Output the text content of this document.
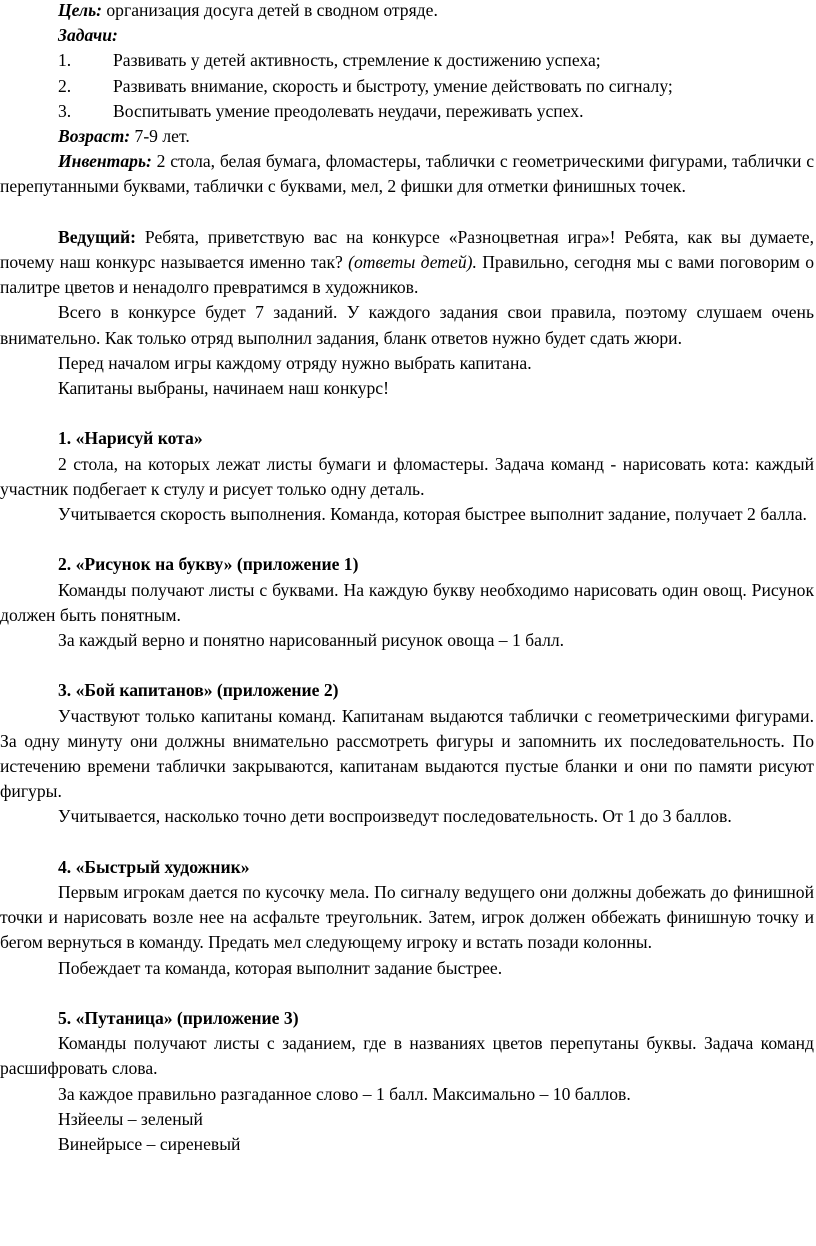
Цель: организация досуга детей в сводном отряде.

Задачи:

1. Развивать у детей активность, стремление к достижению успеха;

2. Развивать внимание, скорость и быстроту, умение действовать по сигналу;

3. Воспитывать умение преодолевать неудачи, переживать успех.

Возраст: 7-9 лет.

Инвентарь: 2 стола, белая бумага, фломастеры, таблички с геометрическими фигурами, таблички с перепутанными буквами, таблички с буквами, мел, 2 фишки для отметки финишных точек.

Ведущий: Ребята, приветствую вас на конкурсе «Разноцветная игра»! Ребята, как вы думаете, почему наш конкурс называется именно так? (ответы детей). Правильно, сегодня мы с вами поговорим о палитре цветов и ненадолго превратимся в художников.

Всего в конкурсе будет 7 заданий. У каждого задания свои правила, поэтому слушаем очень внимательно. Как только отряд выполнил задания, бланк ответов нужно будет сдать жюри.

Перед началом игры каждому отряду нужно выбрать капитана.

Капитаны выбраны, начинаем наш конкурс!

1. «Нарисуй кота»

2 стола, на которых лежат листы бумаги и фломастеры. Задача команд - нарисовать кота: каждый участник подбегает к стулу и рисует только одну деталь.

Учитывается скорость выполнения. Команда, которая быстрее выполнит задание, получает 2 балла.

2. «Рисунок на букву» (приложение 1)

Команды получают листы с буквами. На каждую букву необходимо нарисовать один овощ. Рисунок должен быть понятным.

За каждый верно и понятно нарисованный рисунок овоща – 1 балл.

3. «Бой капитанов» (приложение 2)

Участвуют только капитаны команд. Капитанам выдаются таблички с геометрическими фигурами. За одну минуту они должны внимательно рассмотреть фигуры и запомнить их последовательность. По истечению времени таблички закрываются, капитанам выдаются пустые бланки и они по памяти рисуют фигуры.

Учитывается, насколько точно дети воспроизведут последовательность. От 1 до 3 баллов.

4. «Быстрый художник»

Первым игрокам дается по кусочку мела. По сигналу ведущего они должны добежать до финишной точки и нарисовать возле нее на асфальте треугольник. Затем, игрок должен оббежать финишную точку и бегом вернуться в команду. Предать мел следующему игроку и встать позади колонны.

Побеждает та команда, которая выполнит задание быстрее.

5. «Путаница» (приложение 3)

Команды получают листы с заданием, где в названиях цветов перепутаны буквы. Задача команд расшифровать слова.

За каждое правильно разгаданное слово – 1 балл. Максимально – 10 баллов.

Нзйеелы – зеленый

Винейрысе – сиреневый
